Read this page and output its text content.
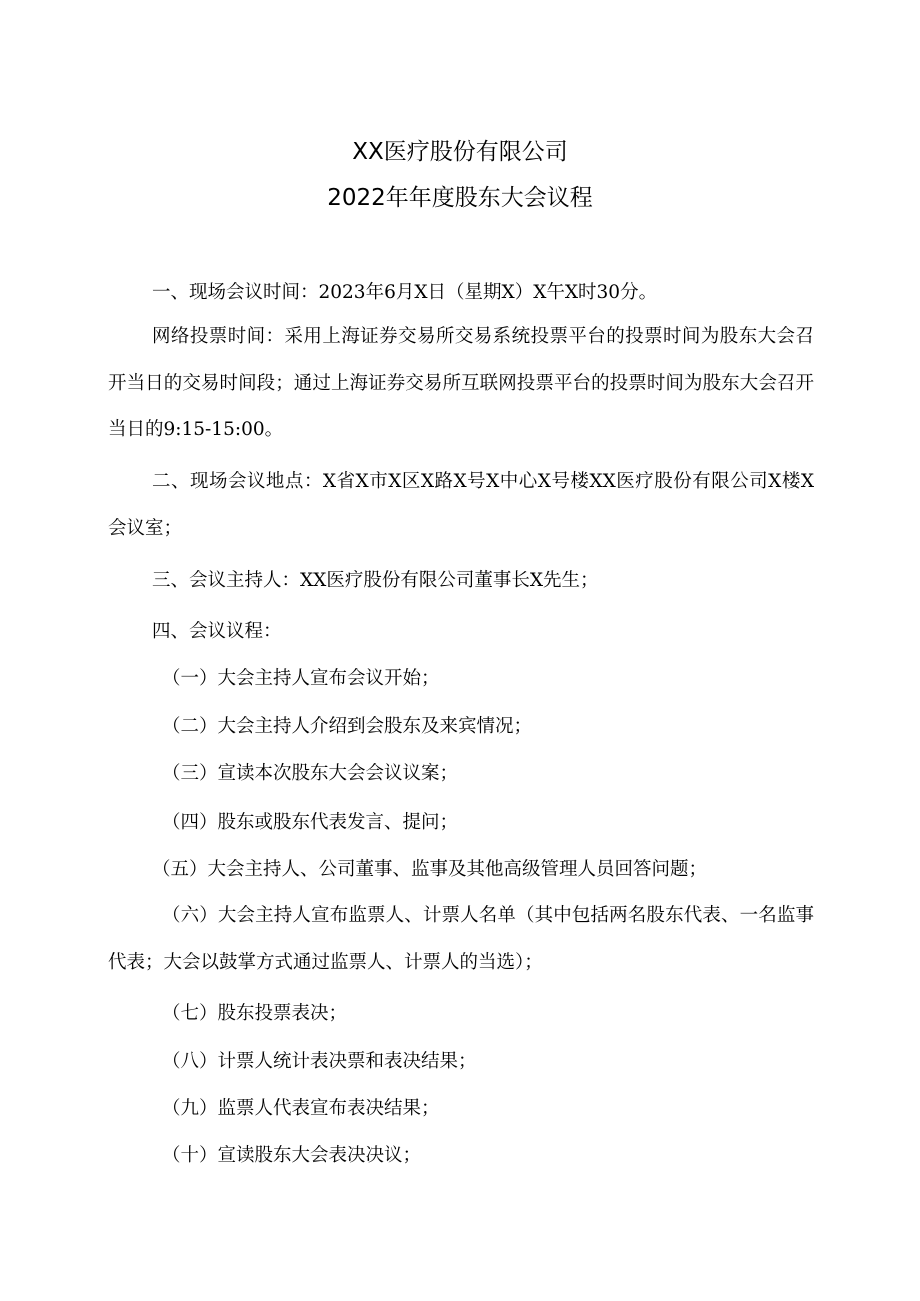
XX医疗股份有限公司
2022年年度股东大会议程
一、现场会议时间：2023年6月X日（星期X）X午X时30分。
网络投票时间：采用上海证券交易所交易系统投票平台的投票时间为股东大会召开当日的交易时间段；通过上海证券交易所互联网投票平台的投票时间为股东大会召开当日的9:15-15:00。
二、现场会议地点：X省X市X区X路X号X中心X号楼XX医疗股份有限公司X楼X会议室；
三、会议主持人：XX医疗股份有限公司董事长X先生；
四、会议议程：
（一）大会主持人宣布会议开始；
（二）大会主持人介绍到会股东及来宾情况；
（三）宣读本次股东大会会议议案；
（四）股东或股东代表发言、提问；
（五）大会主持人、公司董事、监事及其他高级管理人员回答问题；
（六）大会主持人宣布监票人、计票人名单（其中包括两名股东代表、一名监事代表；大会以鼓掌方式通过监票人、计票人的当选）；
（七）股东投票表决；
（八）计票人统计表决票和表决结果；
（九）监票人代表宣布表决结果；
（十）宣读股东大会表决决议；
